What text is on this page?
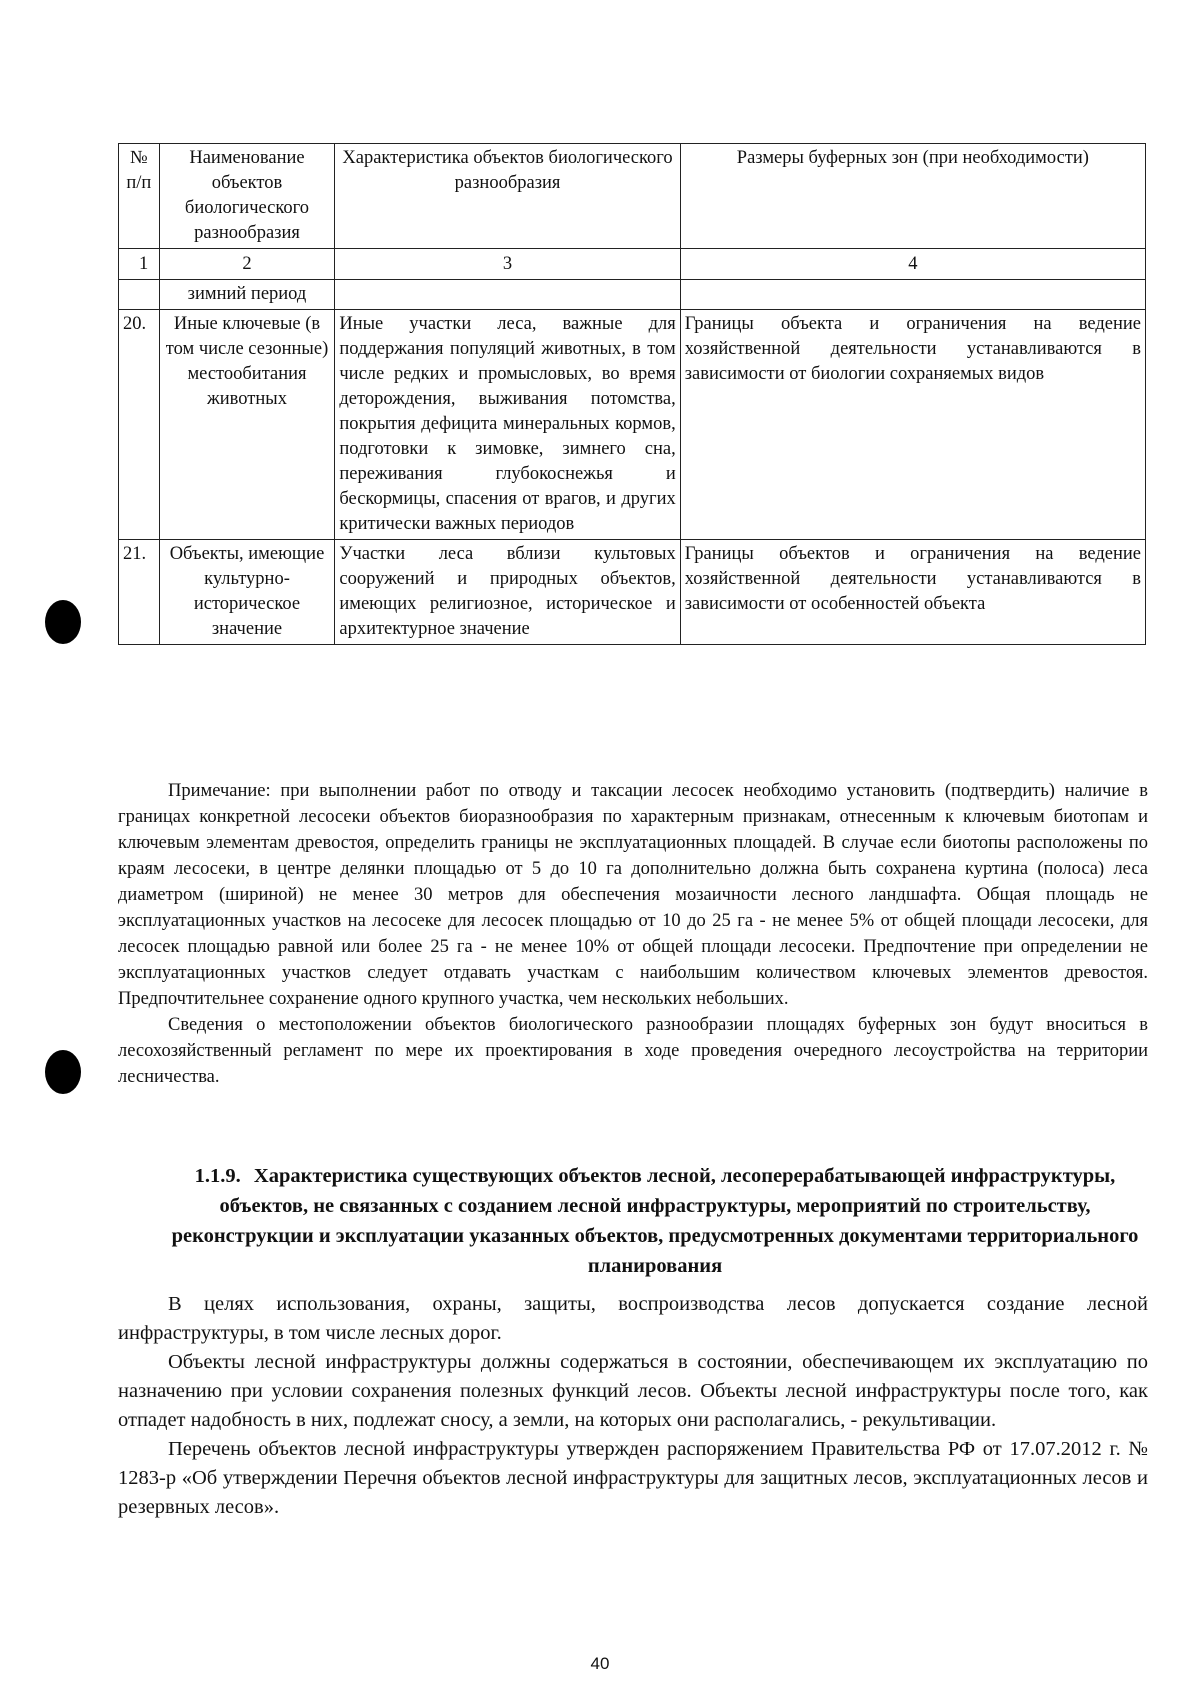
№ п/п	Наименование объектов биологического разнообразия	Характеристика объектов биологического разнообразия	Размеры буферных зон (при необходимости)
1	2	3	4
	зимний период		
20.	Иные ключевые (в том числе сезонные) местообитания животных	Иные участки леса, важные для поддержания популяций животных, в том числе редких и промысловых, во время деторождения, выживания потомства, покрытия дефицита минеральных кормов, подготовки к зимовке, зимнего сна, переживания глубокоснежья и бескормицы, спасения от врагов, и других критически важных периодов	Границы объекта и ограничения на ведение хозяйственной деятельности устанавливаются в зависимости от биологии сохраняемых видов
21.	Объекты, имеющие культурно-историческое значение	Участки леса вблизи культовых сооружений и природных объектов, имеющих религиозное, историческое и архитектурное значение	Границы объектов и ограничения на ведение хозяйственной деятельности устанавливаются в зависимости от особенностей объекта

Примечание: при выполнении работ по отводу и таксации лесосек необходимо установить (подтвердить) наличие в границах конкретной лесосеки объектов биоразнообразия по характерным признакам, отнесенным к ключевым биотопам и ключевым элементам древостоя, определить границы не эксплуатационных площадей. В случае если биотопы расположены по краям лесосеки, в центре делянки площадью от 5 до 10 га дополнительно должна быть сохранена куртина (полоса) леса диаметром (шириной) не менее 30 метров для обеспечения мозаичности лесного ландшафта. Общая площадь не эксплуатационных участков на лесосеке для лесосек площадью от 10 до 25 га - не менее 5% от общей площади лесосеки, для лесосек площадью равной или более 25 га - не менее 10% от общей площади лесосеки. Предпочтение при определении не эксплуатационных участков следует отдавать участкам с наибольшим количеством ключевых элементов древостоя. Предпочтительнее сохранение одного крупного участка, чем нескольких небольших.

Сведения о местоположении объектов биологического разнообразии площадях буферных зон будут вноситься в лесохозяйственный регламент по мере их проектирования в ходе проведения очередного лесоустройства на территории лесничества.

1.1.9. Характеристика существующих объектов лесной, лесоперерабатывающей инфраструктуры, объектов, не связанных с созданием лесной инфраструктуры, мероприятий по строительству, реконструкции и эксплуатации указанных объектов, предусмотренных документами территориального планирования

В целях использования, охраны, защиты, воспроизводства лесов допускается создание лесной инфраструктуры, в том числе лесных дорог.

Объекты лесной инфраструктуры должны содержаться в состоянии, обеспечивающем их эксплуатацию по назначению при условии сохранения полезных функций лесов. Объекты лесной инфраструктуры после того, как отпадет надобность в них, подлежат сносу, а земли, на которых они располагались, - рекультивации.

Перечень объектов лесной инфраструктуры утвержден распоряжением Правительства РФ от 17.07.2012 г. № 1283-р «Об утверждении Перечня объектов лесной инфраструктуры для защитных лесов, эксплуатационных лесов и резервных лесов».

40
